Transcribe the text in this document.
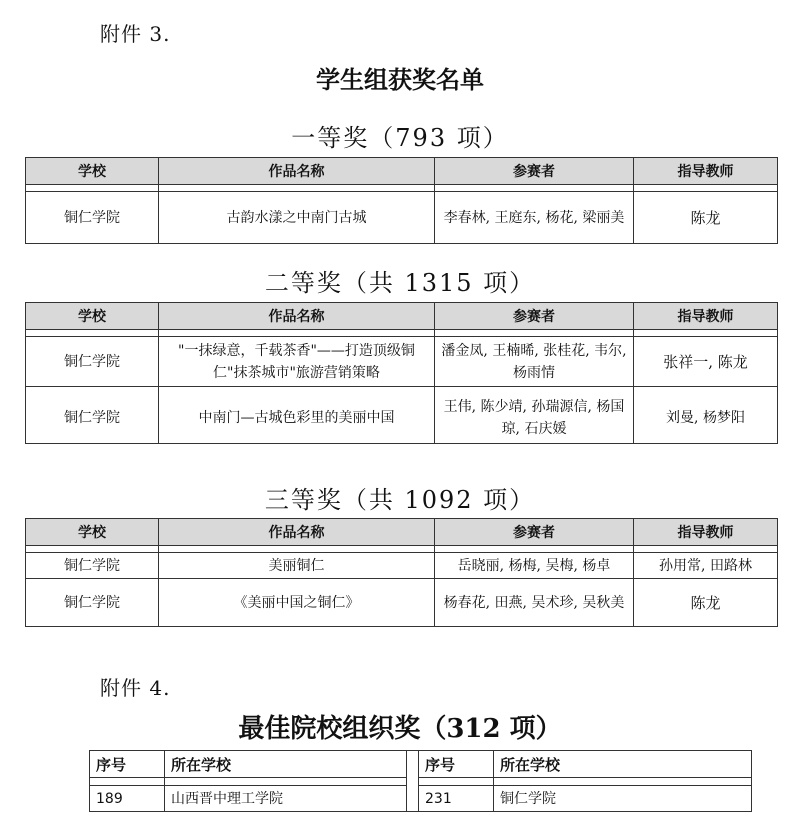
附件 3.
学生组获奖名单
一等奖（793 项）
学校	作品名称	参赛者	指导教师

铜仁学院	古韵水漾之中南门古城	李春林, 王庭东, 杨花, 梁丽美	陈龙
二等奖（共 1315 项）
学校	作品名称	参赛者	指导教师

铜仁学院	"一抹绿意，千载茶香"——打造顶级铜仁"抹茶城市"旅游营销策略	潘金凤, 王楠晞, 张桂花, 韦尔, 杨雨情	张祥一, 陈龙

铜仁学院	中南门—古城色彩里的美丽中国	王伟, 陈少靖, 孙瑞源信, 杨国琼, 石庆媛	刘曼, 杨梦阳
三等奖（共 1092 项）
学校	作品名称	参赛者	指导教师

铜仁学院	美丽铜仁	岳晓丽, 杨梅, 吴梅, 杨卓	孙用常, 田路林
铜仁学院	《美丽中国之铜仁》	杨春花, 田燕, 吴术珍, 吴秋美	陈龙
附件 4.
最佳院校组织奖（312 项）
序号	所在学校		序号	所在学校

189	山西晋中理工学院		231	铜仁学院
